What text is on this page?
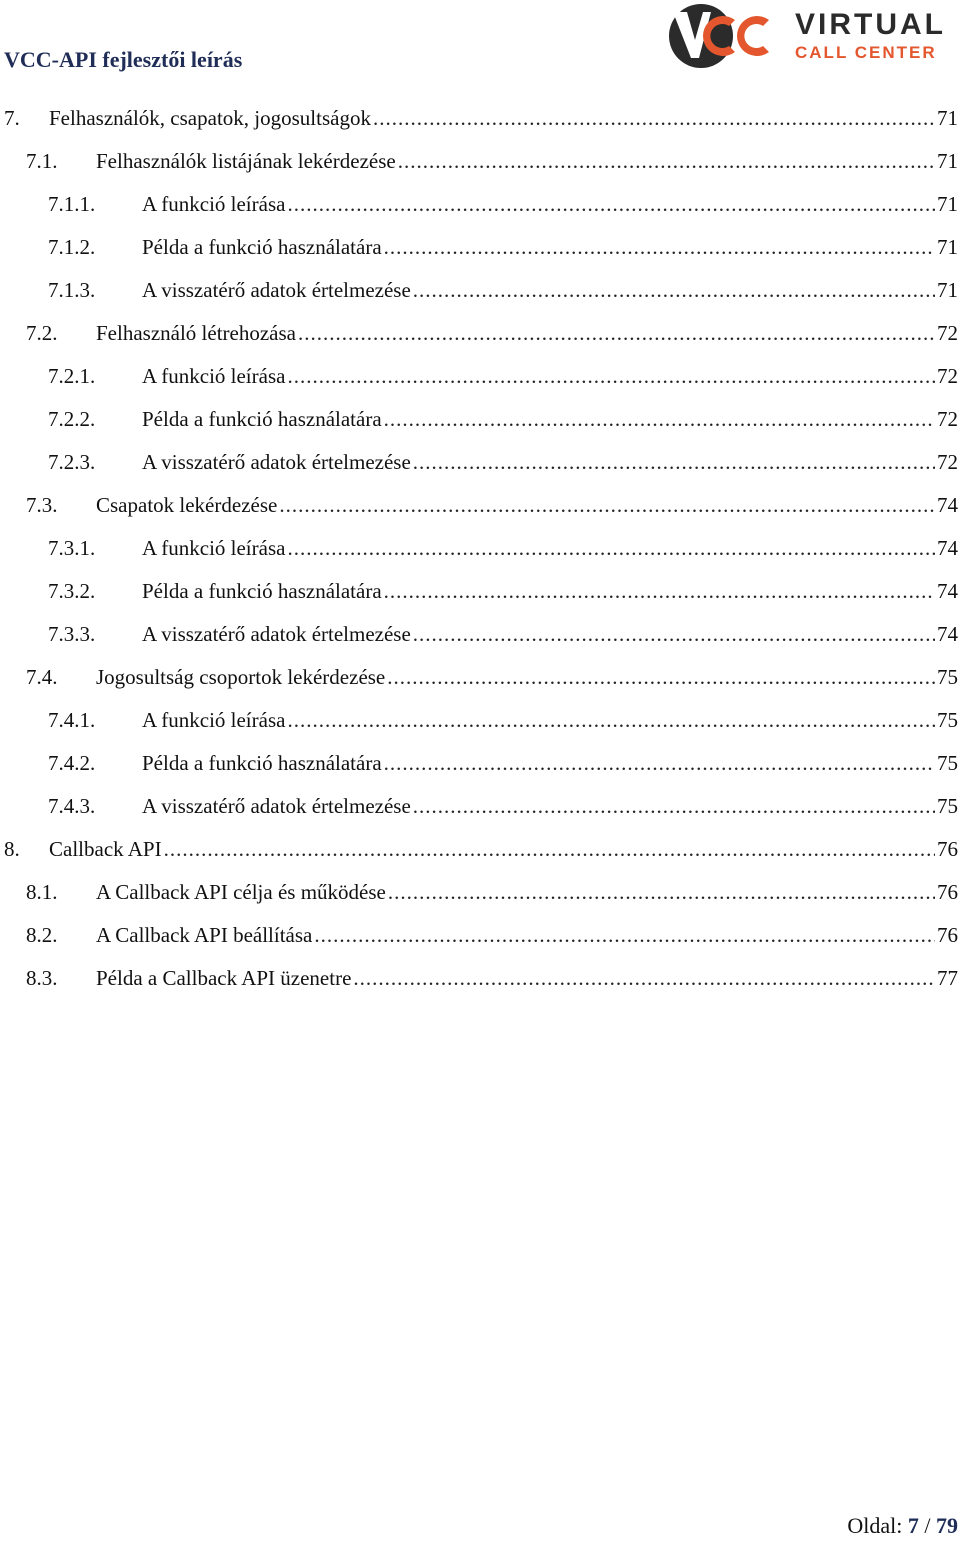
VCC-API fejlesztői leírás
VIRTUAL
CALL CENTER
7. Felhasználók, csapatok, jogosultságok .....	71
7.1. Felhasználók listájának lekérdezése .....	71
7.1.1. A funkció leírása .....	71
7.1.2. Példa a funkció használatára .....	71
7.1.3. A visszatérő adatok értelmezése .....	71
7.2. Felhasználó létrehozása .....	72
7.2.1. A funkció leírása .....	72
7.2.2. Példa a funkció használatára .....	72
7.2.3. A visszatérő adatok értelmezése .....	72
7.3. Csapatok lekérdezése .....	74
7.3.1. A funkció leírása .....	74
7.3.2. Példa a funkció használatára .....	74
7.3.3. A visszatérő adatok értelmezése .....	74
7.4. Jogosultság csoportok lekérdezése .....	75
7.4.1. A funkció leírása .....	75
7.4.2. Példa a funkció használatára .....	75
7.4.3. A visszatérő adatok értelmezése .....	75
8. Callback API .....	76
8.1. A Callback API célja és működése .....	76
8.2. A Callback API beállítása .....	76
8.3. Példa a Callback API üzenetre .....	77
Oldal: 7 / 79
